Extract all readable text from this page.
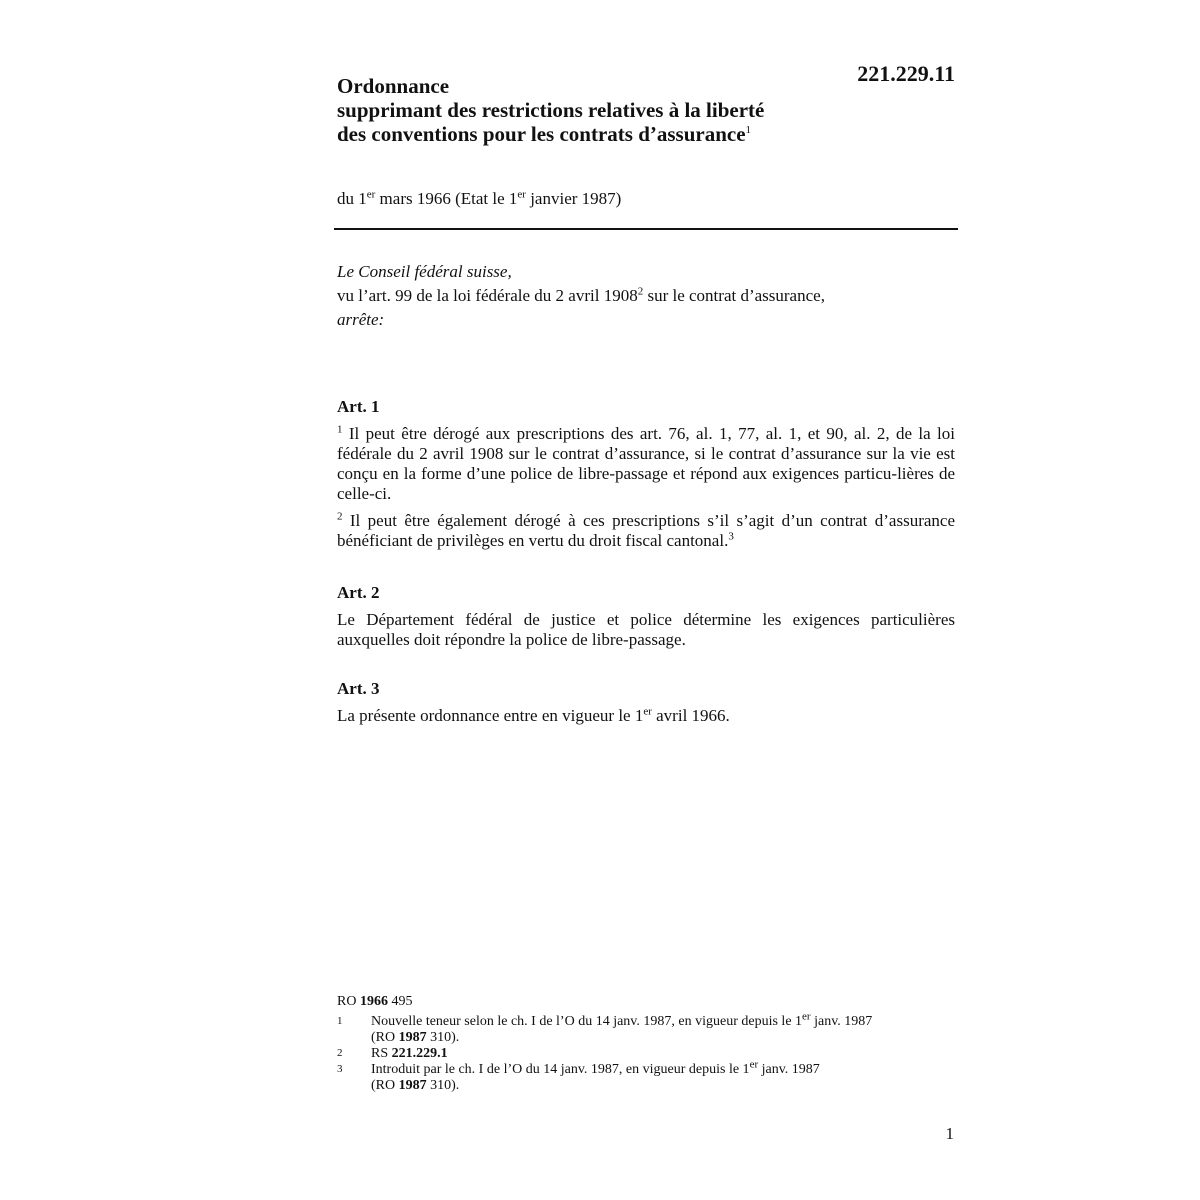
221.229.11
Ordonnance
supprimant des restrictions relatives à la liberté
des conventions pour les contrats d’assurance$^1$
du 1er mars 1966 (Etat le 1er janvier 1987)
Le Conseil fédéral suisse,
vu l’art. 99 de la loi fédérale du 2 avril 1908$^2$ sur le contrat d’assurance,
arrête:
Art. 1

$^1$ Il peut être dérogé aux prescriptions des art. 76, al. 1, 77, al. 1, et 90, al. 2, de la loi fédérale du 2 avril 1908 sur le contrat d’assurance, si le contrat d’assurance sur la vie est conçu en la forme d’une police de libre-passage et répond aux exigences particu-lières de celle-ci.

$^2$ Il peut être également dérogé à ces prescriptions s’il s’agit d’un contrat d’assurance bénéficiant de privilèges en vertu du droit fiscal cantonal.$^3$

Art. 2

Le Département fédéral de justice et police détermine les exigences particulières auxquelles doit répondre la police de libre-passage.

Art. 3

La présente ordonnance entre en vigueur le 1er avril 1966.

RO 1966 495
1	Nouvelle teneur selon le ch. I de l’O du 14 janv. 1987, en vigueur depuis le 1er janv. 1987
(RO 1987 310).
2	RS 221.229.1
3	Introduit par le ch. I de l’O du 14 janv. 1987, en vigueur depuis le 1er janv. 1987
(RO 1987 310).
1
